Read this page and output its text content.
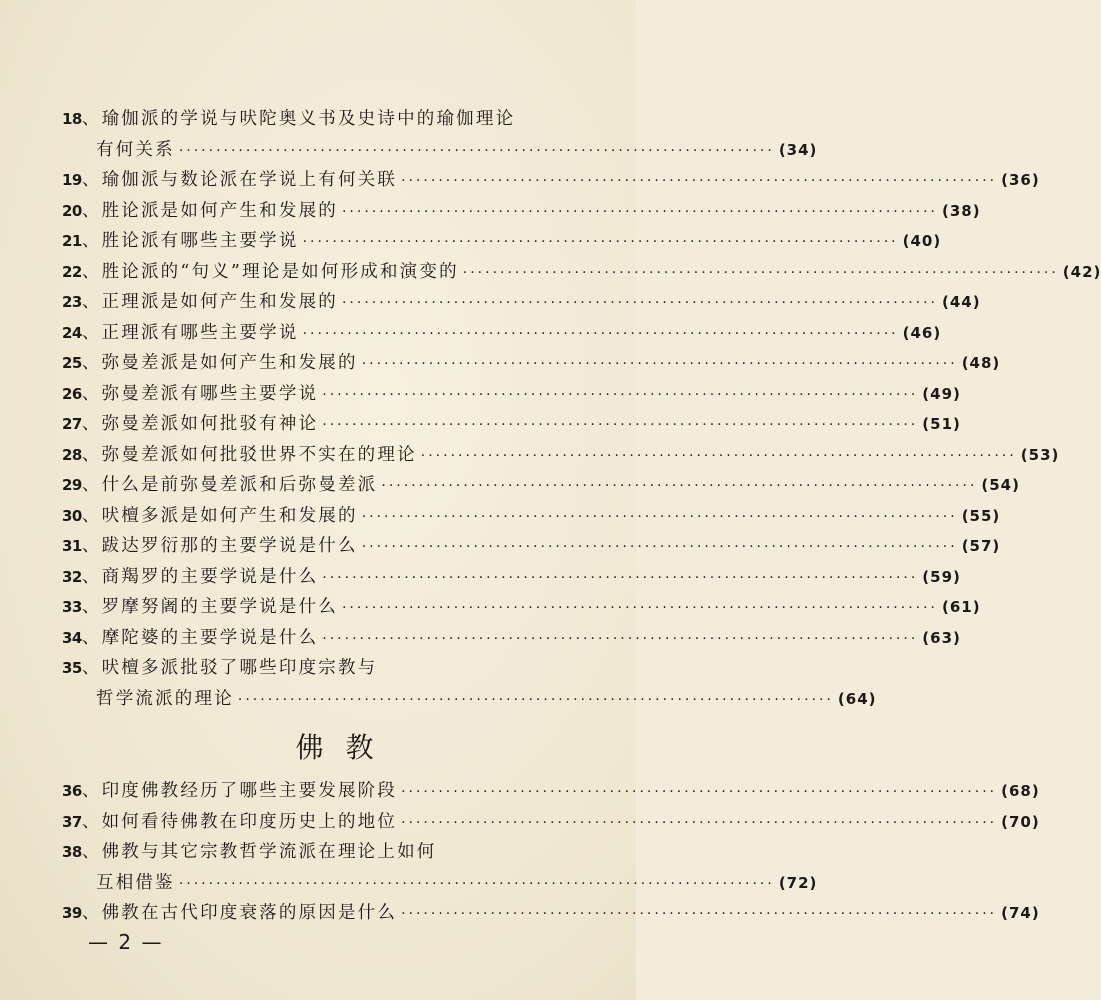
18 、瑜伽派的学说与吠陀奥义书及史诗中的瑜伽理论
有何关系 ················································································ (34)
19 、瑜伽派与数论派在学说上有何关联 ················································································ (36)
20 、胜论派是如何产生和发展的 ················································································ (38)
21 、胜论派有哪些主要学说 ················································································ (40)
22 、胜论派的“句义”理论是如何形成和演变的 ················································································ (42)
23 、正理派是如何产生和发展的 ················································································ (44)
24 、正理派有哪些主要学说 ················································································ (46)
25 、弥曼差派是如何产生和发展的 ················································································ (48)
26 、弥曼差派有哪些主要学说 ················································································ (49)
27 、弥曼差派如何批驳有神论 ················································································ (51)
28 、弥曼差派如何批驳世界不实在的理论 ················································································ (53)
29 、什么是前弥曼差派和后弥曼差派 ················································································ (54)
30 、吠檀多派是如何产生和发展的 ················································································ (55)
31 、跋达罗衍那的主要学说是什么 ················································································ (57)
32 、商羯罗的主要学说是什么 ················································································ (59)
33 、罗摩努阇的主要学说是什么 ················································································ (61)
34 、摩陀婆的主要学说是什么 ················································································ (63)
35 、吠檀多派批驳了哪些印度宗教与
哲学流派的理论 ················································································ (64)
佛教
36 、印度佛教经历了哪些主要发展阶段 ················································································ (68)
37 、如何看待佛教在印度历史上的地位 ················································································ (70)
38 、佛教与其它宗教哲学流派在理论上如何
互相借鉴 ················································································ (72)
39 、佛教在古代印度衰落的原因是什么 ················································································ (74)
— 2 —
